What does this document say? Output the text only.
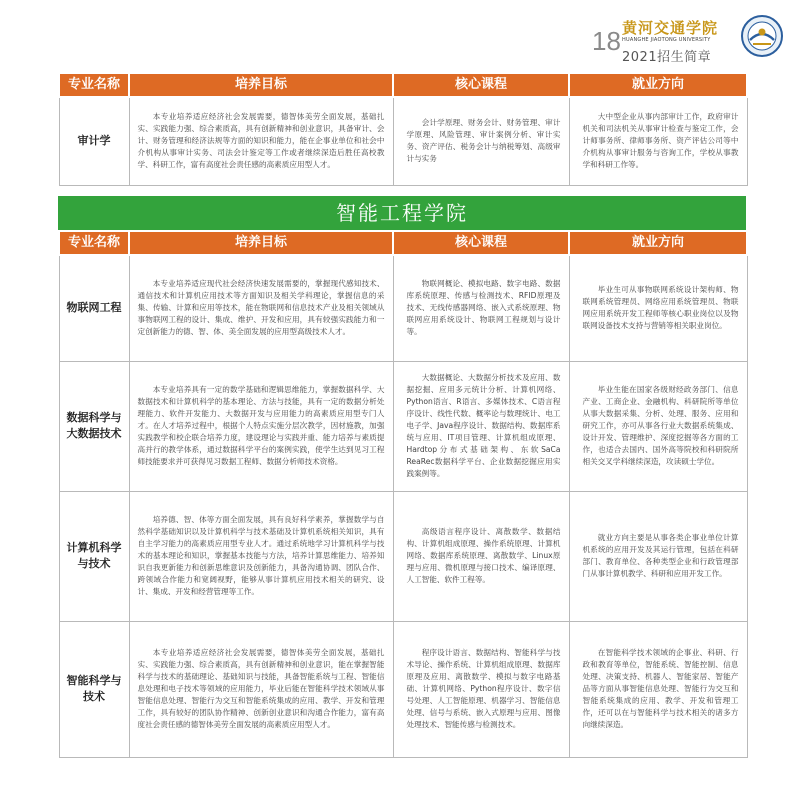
18 黄河交通学院
HUANGHE JIAOTONG UNIVERSITY
2021招生简章
专业名称	培养目标	核心课程	就业方向
审计学	本专业培养适应经济社会发展需要，德智体美劳全面发展，基础扎实、实践能力强、综合素质高，具有创新精神和创业意识，具备审计、会计、财务管理和经济法规等方面的知识和能力，能在企事业单位和社会中介机构从事审计实务、司法会计鉴定等工作或者继续深造后胜任高校教学、科研工作，富有高度社会责任感的高素质应用型人才。	会计学原理、财务会计、财务管理、审计学原理、风险管理、审计案例分析、审计实务、资产评估、税务会计与纳税筹划、高级审计与实务	大中型企业从事内部审计工作，政府审计机关和司法机关从事审计检查与鉴定工作，会计师事务所、律师事务所、资产评估公司等中介机构从事审计服务与咨询工作，学校从事教学和科研工作等。
智能工程学院
专业名称	培养目标	核心课程	就业方向
物联网工程	本专业培养适应现代社会经济快速发展需要的，掌握现代感知技术、通信技术和计算机应用技术等方面知识及相关学科理论，掌握信息的采集、传输、计算和应用等技术，能在物联网和信息技术产业及相关领域从事物联网工程的设计、集成、维护、开发和应用，具有较强实践能力和一定创新能力的德、智、体、美全面发展的应用型高级技术人才。	物联网概论、模拟电路、数字电路、数据库系统原理、传感与检测技术、RFID原理及技术、无线传感器网络、嵌入式系统原理、物联网应用系统设计、物联网工程规划与设计等。	毕业生可从事物联网系统设计架构师、物联网系统管理员、网络应用系统管理员、物联网应用系统开发工程师等核心职业岗位以及物联网设备技术支持与营销等相关职业岗位。
数据科学与大数据技术	本专业培养具有一定的数学基础和逻辑思维能力，掌握数据科学、大数据技术和计算机科学的基本理论、方法与技能，具有一定的数据分析处理能力、软件开发能力、大数据开发与应用能力的高素质应用型专门人才。在人才培养过程中，根据个人特点实施分层次教学，因材施教，加强实践教学和校企联合培养力度，建设理论与实践并重、能力培养与素质提高并行的教学体系，通过数据科学平台的案例实践，使学生达到见习工程师技能要求并可获得见习数据工程师、数据分析师技术资格。	大数据概论、大数据分析技术及应用、数据挖掘、应用多元统计分析、计算机网络、Python语言、R语言、多媒体技术、C语言程序设计、线性代数、概率论与数理统计、电工电子学、Java程序设计、数据结构、数据库系统与应用、IT项目管理、计算机组成原理、Hardtop分布式基础架构、东软SaCa ReaRec数据科学平台、企业数据挖掘应用实践案例等。	毕业生能在国家各级财经政务部门、信息产业、工商企业、金融机构、科研院所等单位从事大数据采集、分析、处理、服务、应用和研究工作，亦可从事各行业大数据系统集成、设计开发、管理维护、深度挖掘等各方面的工作，也适合去国内、国外高等院校和科研院所相关交叉学科继续深造，攻读硕士学位。
计算机科学与技术	培养德、智、体等方面全面发展，具有良好科学素养，掌握数学与自然科学基础知识以及计算机科学与技术基础及计算机系统相关知识，具有自主学习能力的高素质应用型专业人才。通过系统地学习计算机科学与技术的基本理论和知识，掌握基本技能与方法，培养计算思维能力、培养知识自我更新能力和创新思维意识及创新能力，具备沟通协调、团队合作、跨领域合作能力和宽阔视野，能够从事计算机应用技术相关的研究、设计、集成、开发和经营管理等工作。	高级语言程序设计、离散数学、数据结构、计算机组成原理、操作系统原理、计算机网络、数据库系统原理、离散数学、Linux原理与应用、微机原理与接口技术、编译原理、人工智能、软件工程等。	就业方向主要是从事各类企事业单位计算机系统的应用开发及其运行管理，包括在科研部门、教育单位、各种类型企业和行政管理部门从事计算机教学、科研和应用开发工作。
智能科学与技术	本专业培养适应经济社会发展需要，德智体美劳全面发展，基础扎实、实践能力强、综合素质高，具有创新精神和创业意识，能在掌握智能科学与技术的基础理论、基础知识与技能，具备智能系统与工程、智能信息处理和电子技术等领域的应用能力，毕业后能在智能科学技术领域从事智能信息处理、智能行为交互和智能系统集成的应用、教学、开发和管理工作，具有较好的团队协作精神、创新创业意识和沟通合作能力，富有高度社会责任感的德智体美劳全面发展的高素质应用型人才。	程序设计语言、数据结构、智能科学与技术导论、操作系统、计算机组成原理、数据库原理及应用、离散数学、模拟与数字电路基础、计算机网络、Python程序设计、数字信号处理、人工智能原理、机器学习、智能信息处理、信号与系统、嵌入式原理与应用、图像处理技术、智能传感与检测技术。	在智能科学技术领域的企事业、科研、行政和教育等单位，智能系统、智能控制、信息处理、决策支持、机器人、智能家居、智能产品等方面从事智能信息处理、智能行为交互和智能系统集成的应用、教学、开发和管理工作，还可以在与智能科学与技术相关的诸多方向继续深造。
